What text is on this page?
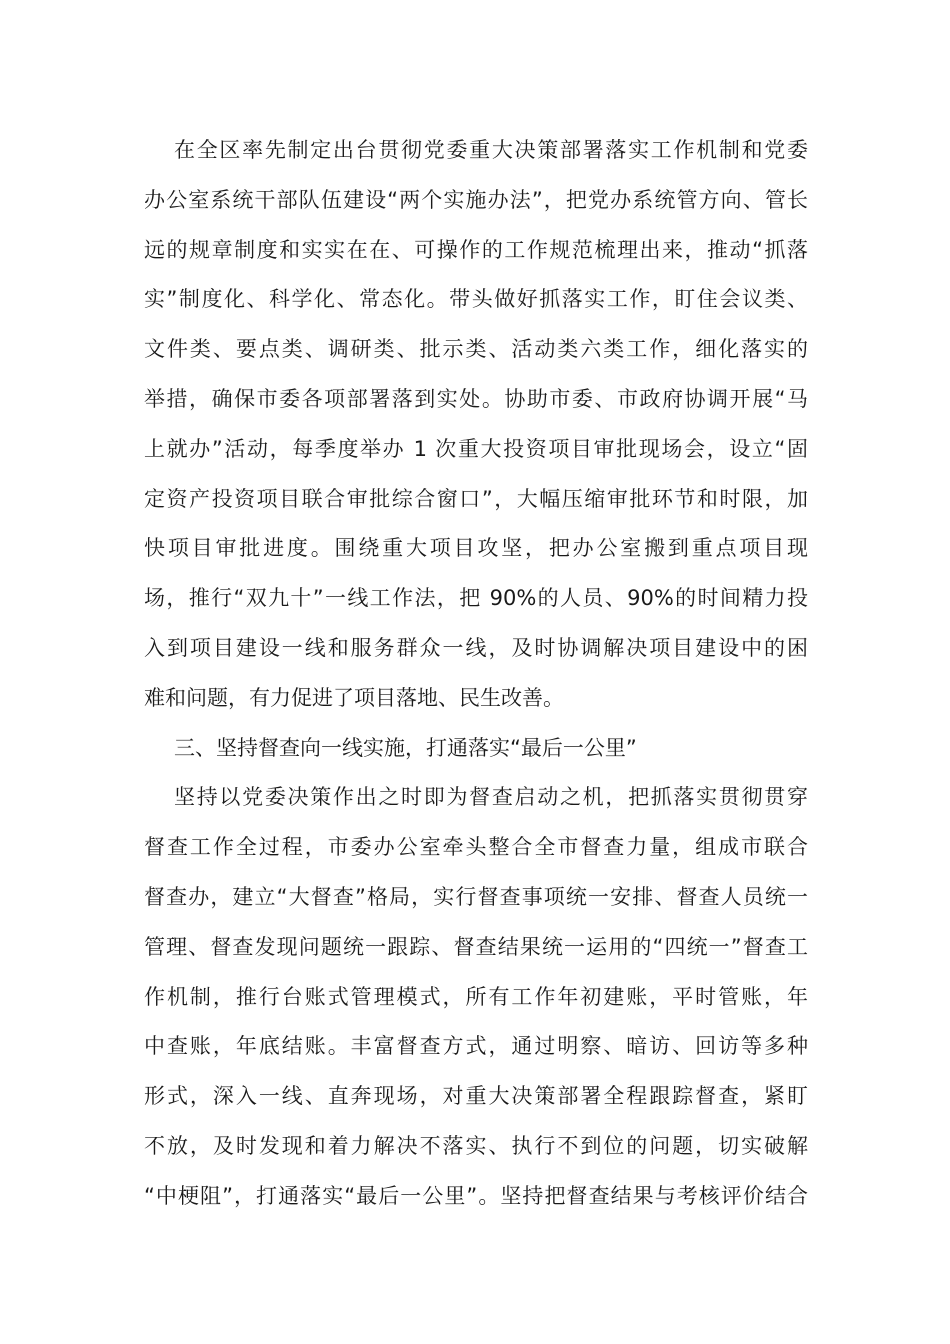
在全区率先制定出台贯彻党委重大决策部署落实工作机制和党委
办公室系统干部队伍建设“两个实施办法”，把党办系统管方向、管长
远的规章制度和实实在在、可操作的工作规范梳理出来，推动“抓落
实”制度化、科学化、常态化。带头做好抓落实工作，盯住会议类、
文件类、要点类、调研类、批示类、活动类六类工作，细化落实的
举措，确保市委各项部署落到实处。协助市委、市政府协调开展“马
上就办”活动，每季度举办 1 次重大投资项目审批现场会，设立“固
定资产投资项目联合审批综合窗口”，大幅压缩审批环节和时限，加
快项目审批进度。围绕重大项目攻坚，把办公室搬到重点项目现
场，推行“双九十”一线工作法，把 90%的人员、90%的时间精力投
入到项目建设一线和服务群众一线，及时协调解决项目建设中的困
难和问题，有力促进了项目落地、民生改善。
三、坚持督查向一线实施，打通落实“最后一公里”
坚持以党委决策作出之时即为督查启动之机，把抓落实贯彻贯穿
督查工作全过程，市委办公室牵头整合全市督查力量，组成市联合
督查办，建立“大督查”格局，实行督查事项统一安排、督查人员统一
管理、督查发现问题统一跟踪、督查结果统一运用的“四统一”督查工
作机制，推行台账式管理模式，所有工作年初建账，平时管账，年
中查账，年底结账。丰富督查方式，通过明察、暗访、回访等多种
形式，深入一线、直奔现场，对重大决策部署全程跟踪督查，紧盯
不放，及时发现和着力解决不落实、执行不到位的问题，切实破解
“中梗阻”，打通落实“最后一公里”。坚持把督查结果与考核评价结合
